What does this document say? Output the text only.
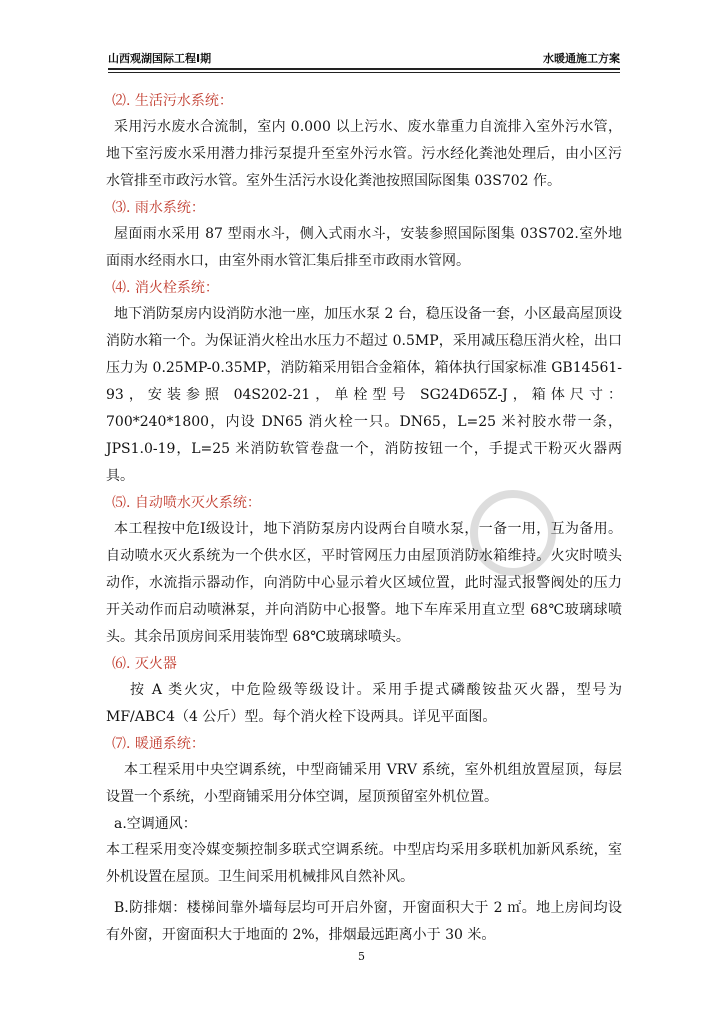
山西观湖国际工程Ⅰ期	水暖通施工方案

⑵. 生活污水系统：

采用污水废水合流制，室内 0.000 以上污水、废水靠重力自流排入室外污水管，地下室污废水采用潜力排污泵提升至室外污水管。污水经化粪池处理后，由小区污水管排至市政污水管。室外生活污水设化粪池按照国际图集 03S702 作。

⑶. 雨水系统：

屋面雨水采用 87 型雨水斗，侧入式雨水斗，安装参照国际图集 03S702.室外地面雨水经雨水口，由室外雨水管汇集后排至市政雨水管网。

⑷. 消火栓系统：

地下消防泵房内设消防水池一座，加压水泵 2 台，稳压设备一套，小区最高屋顶设消防水箱一个。为保证消火栓出水压力不超过 0.5MP，采用减压稳压消火栓，出口压力为 0.25MP-0.35MP，消防箱采用铝合金箱体，箱体执行国家标准 GB14561-93，安装参照 04S202-21，单栓型号 SG24D65Z-J，箱体尺寸：700*240*1800，内设 DN65 消火栓一只。DN65，L=25 米衬胶水带一条，JPS1.0-19，L=25 米消防软管卷盘一个，消防按钮一个，手提式干粉灭火器两具。

⑸. 自动喷水灭火系统：

本工程按中危Ⅰ级设计，地下消防泵房内设两台自喷水泵，一备一用，互为备用。自动喷水灭火系统为一个供水区，平时管网压力由屋顶消防水箱维持。火灾时喷头动作，水流指示器动作，向消防中心显示着火区域位置，此时湿式报警阀处的压力开关动作而启动喷淋泵，并向消防中心报警。地下车库采用直立型 68℃玻璃球喷头。其余吊顶房间采用装饰型 68℃玻璃球喷头。

⑹. 灭火器

按 A 类火灾，中危险级等级设计。采用手提式磷酸铵盐灭火器，型号为 MF/ABC4（4 公斤）型。每个消火栓下设两具。详见平面图。

⑺. 暖通系统：

本工程采用中央空调系统，中型商铺采用 VRV 系统，室外机组放置屋顶，每层设置一个系统，小型商铺采用分体空调，屋顶预留室外机位置。

a.空调通风：

本工程采用变冷媒变频控制多联式空调系统。中型店均采用多联机加新风系统，室外机设置在屋顶。卫生间采用机械排风自然补风。

B.防排烟：楼梯间靠外墙每层均可开启外窗，开窗面积大于 2 ㎡。地上房间均设有外窗，开窗面积大于地面的 2%，排烟最远距离小于 30 米。

5
